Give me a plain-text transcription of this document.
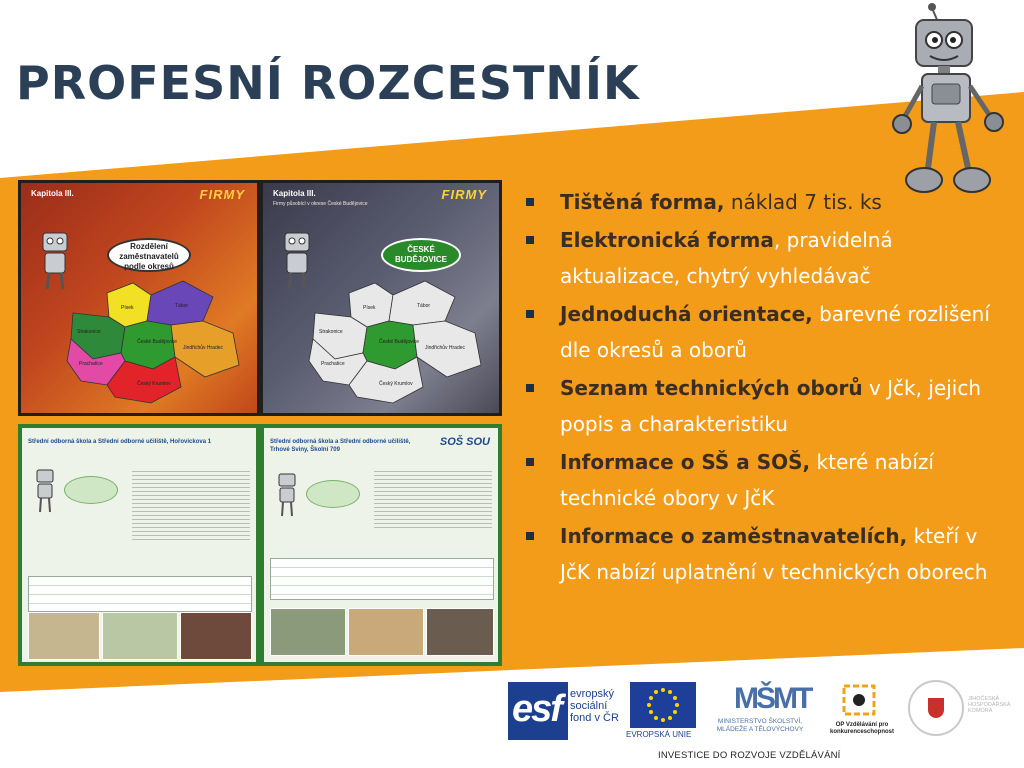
PROFESNÍ ROZCESTNÍK
Kapitola III.	FIRMY
Rozdělení zaměstnavatelů podle okresů
Písek	Tábor
Strakonice
České Budějovice
Jindřichův Hradec
Prachatice
Český Krumlov
Kapitola III.	FIRMY
Firmy působící v okrese České Budějovice
ČESKÉ BUDĚJOVICE
Písek	Tábor
Strakonice
České Budějovice
Jindřichův Hradec
Prachatice
Český Krumlov
Střední odborná škola a Střední odborné učiliště, Hořovickova 1	Střední odborná škola a Střední odborné učiliště, Trhové Sviny, Školní 709
SOŠ SOU
Tištěná forma, náklad 7 tis. ks
Elektronická forma, pravidelná aktualizace, chytrý vyhledávač
Jednoduchá orientace, barevné rozlišení dle okresů a oborů
Seznam technických oborů v Jčk, jejich popis a charakteristiku
Informace o SŠ a SOŠ, které nabízí technické obory v JčK
Informace o zaměstnavatelích, kteří v JčK nabízí uplatnění v technických oborech
esf evropský
sociální
fond v ČR
EVROPSKÁ UNIE
MŠMT
MINISTERSTVO ŠKOLSTVÍ, MLÁDEŽE A TĚLOVÝCHOVY
OP Vzdělávání pro konkurenceschopnost
JIHOČESKÁ HOSPODÁŘSKÁ KOMORA
INVESTICE DO ROZVOJE VZDĚLÁVÁNÍ
